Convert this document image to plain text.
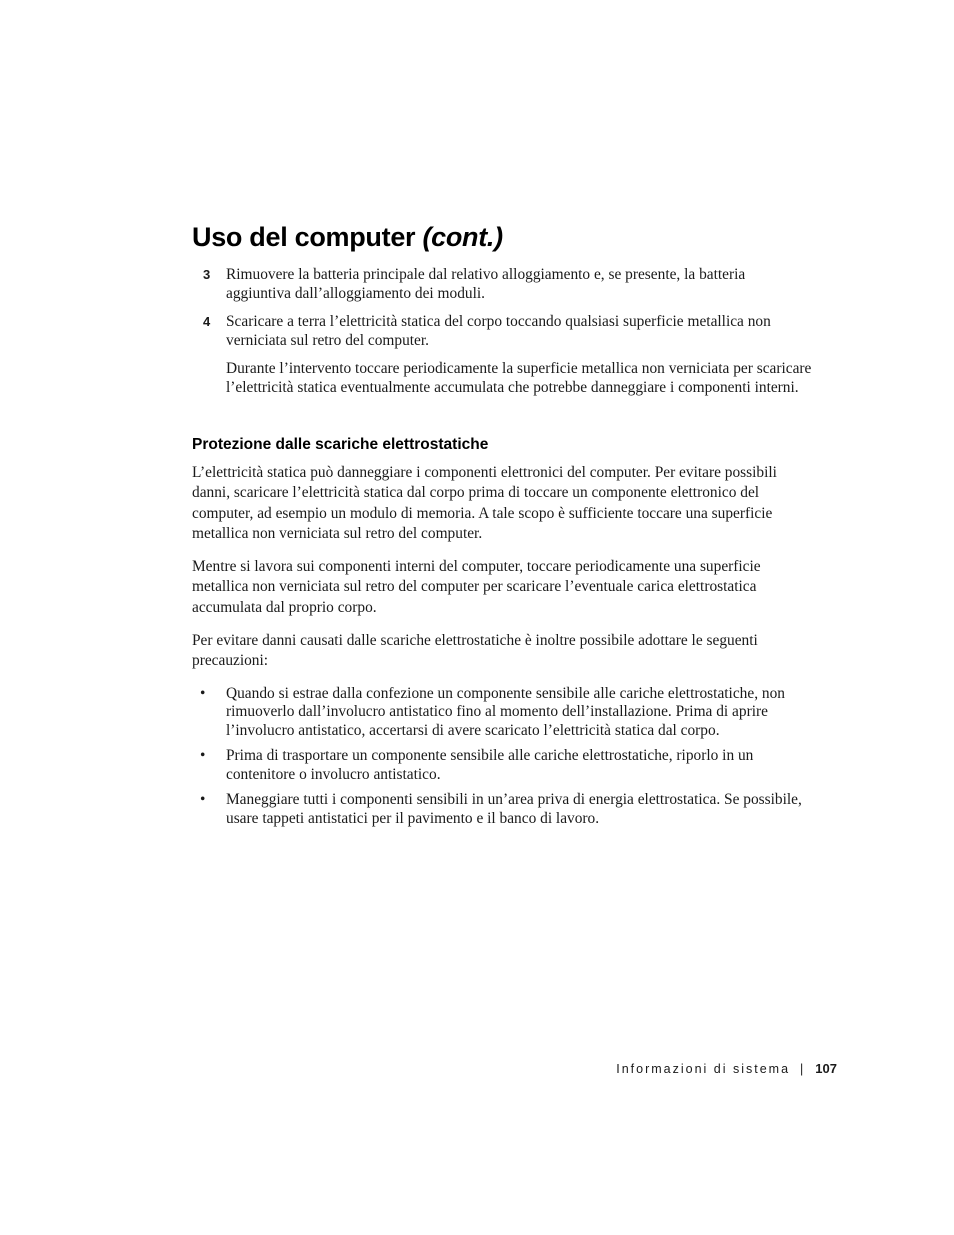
Uso del computer (cont.)
3 Rimuovere la batteria principale dal relativo alloggiamento e, se presente, la batteria aggiuntiva dall’alloggiamento dei moduli.
4 Scaricare a terra l’elettricità statica del corpo toccando qualsiasi superficie metallica non verniciata sul retro del computer.
Durante l’intervento toccare periodicamente la superficie metallica non verniciata per scaricare l’elettricità statica eventualmente accumulata che potrebbe danneggiare i componenti interni.
Protezione dalle scariche elettrostatiche

L’elettricità statica può danneggiare i componenti elettronici del computer. Per evitare possibili danni, scaricare l’elettricità statica dal corpo prima di toccare un componente elettronico del computer, ad esempio un modulo di memoria. A tale scopo è sufficiente toccare una superficie metallica non verniciata sul retro del computer.

Mentre si lavora sui componenti interni del computer, toccare periodicamente una superficie metallica non verniciata sul retro del computer per scaricare l’eventuale carica elettrostatica accumulata dal proprio corpo.

Per evitare danni causati dalle scariche elettrostatiche è inoltre possibile adottare le seguenti precauzioni:

• Quando si estrae dalla confezione un componente sensibile alle cariche elettrostatiche, non rimuoverlo dall’involucro antistatico fino al momento dell’installazione. Prima di aprire l’involucro antistatico, accertarsi di avere scaricato l’elettricità statica dal corpo.
• Prima di trasportare un componente sensibile alle cariche elettrostatiche, riporlo in un contenitore o involucro antistatico.
• Maneggiare tutti i componenti sensibili in un’area priva di energia elettrostatica. Se possibile, usare tappeti antistatici per il pavimento e il banco di lavoro.
Informazioni di sistema | 107
